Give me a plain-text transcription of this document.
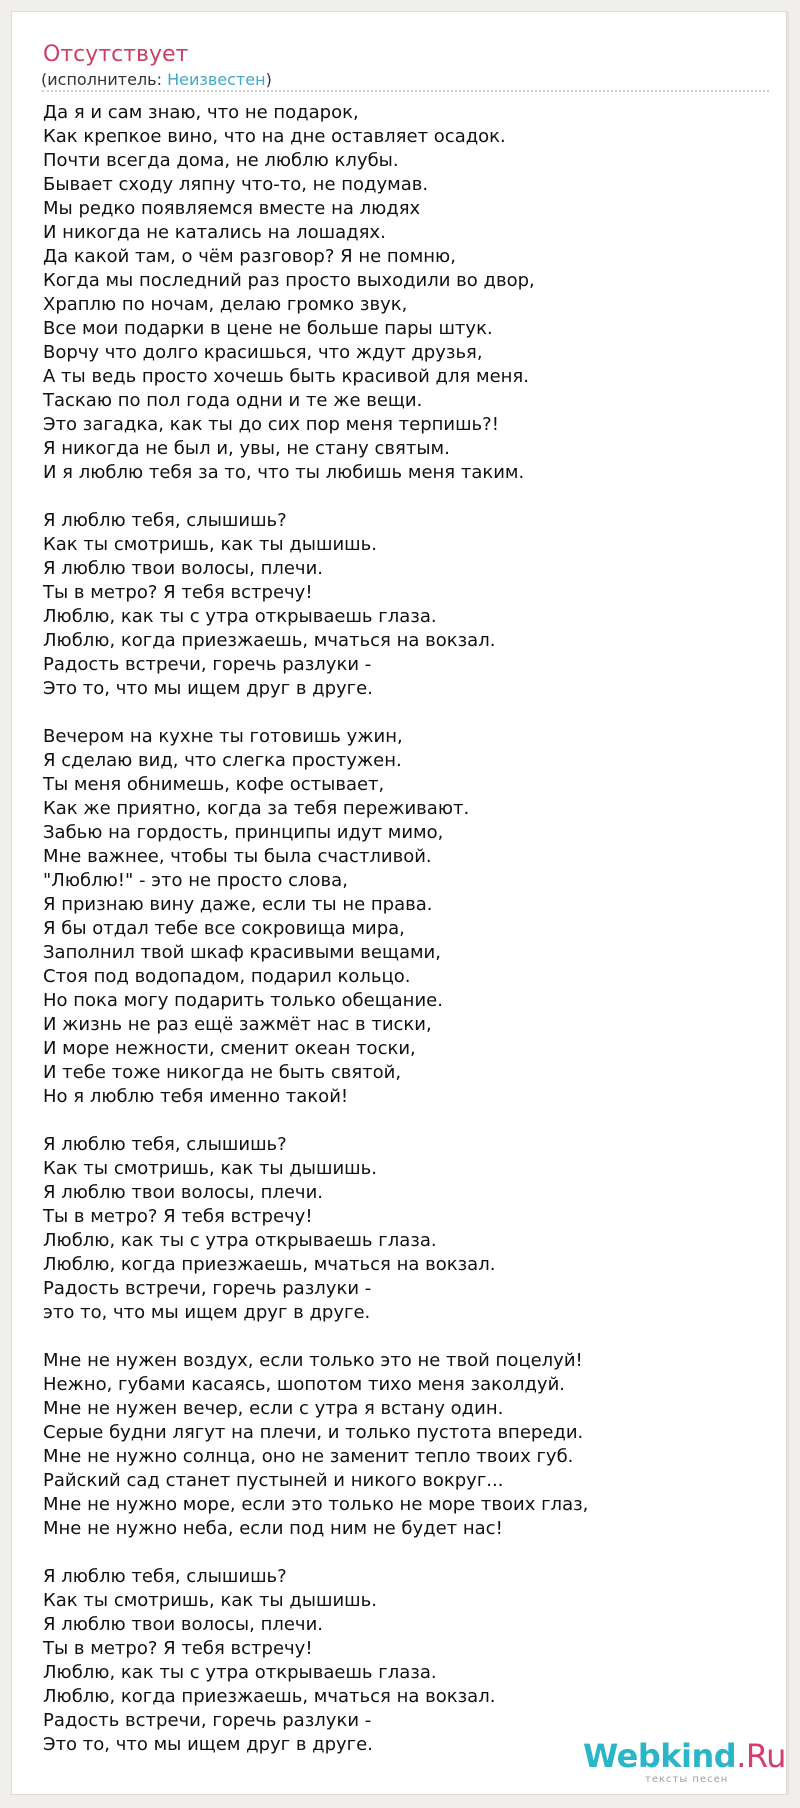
Отсутствует
(исполнитель: Неизвестен)
Да я и сам знаю, что не подарок,
Как крепкое вино, что на дне оставляет осадок.
Почти всегда дома, не люблю клубы.
Бывает сходу ляпну что-то, не подумав.
Мы редко появляемся вместе на людях
И никогда не катались на лошадях.
Да какой там, о чём разговор? Я не помню,
Когда мы последний раз просто выходили во двор,
Храплю по ночам, делаю громко звук,
Все мои подарки в цене не больше пары штук.
Ворчу что долго красишься, что ждут друзья,
А ты ведь просто хочешь быть красивой для меня.
Таскаю по пол года одни и те же вещи.
Это загадка, как ты до сих пор меня терпишь?!
Я никогда не был и, увы, не стану святым.
И я люблю тебя за то, что ты любишь меня таким.
Я люблю тебя, слышишь?
Как ты смотришь, как ты дышишь.
Я люблю твои волосы, плечи.
Ты в метро? Я тебя встречу!
Люблю, как ты с утра открываешь глаза.
Люблю, когда приезжаешь, мчаться на вокзал.
Радость встречи, горечь разлуки -
Это то, что мы ищем друг в друге.
Вечером на кухне ты готовишь ужин,
Я сделаю вид, что слегка простужен.
Ты меня обнимешь, кофе остывает,
Как же приятно, когда за тебя переживают.
Забью на гордость, принципы идут мимо,
Мне важнее, чтобы ты была счастливой.
"Люблю!" - это не просто слова,
Я признаю вину даже, если ты не права.
Я бы отдал тебе все сокровища мира,
Заполнил твой шкаф красивыми вещами,
Стоя под водопадом, подарил кольцо.
Но пока могу подарить только обещание.
И жизнь не раз ещё зажмёт нас в тиски,
И море нежности, сменит океан тоски,
И тебе тоже никогда не быть святой,
Но я люблю тебя именно такой!
Я люблю тебя, слышишь?
Как ты смотришь, как ты дышишь.
Я люблю твои волосы, плечи.
Ты в метро? Я тебя встречу!
Люблю, как ты с утра открываешь глаза.
Люблю, когда приезжаешь, мчаться на вокзал.
Радость встречи, горечь разлуки -
это то, что мы ищем друг в друге.
Мне не нужен воздух, если только это не твой поцелуй!
Нежно, губами касаясь, шопотом тихо меня заколдуй.
Мне не нужен вечер, если с утра я встану один.
Серые будни лягут на плечи, и только пустота впереди.
Мне не нужно солнца, оно не заменит тепло твоих губ.
Райский сад станет пустыней и никого вокруг...
Мне не нужно море, если это только не море твоих глаз,
Мне не нужно неба, если под ним не будет нас!
Я люблю тебя, слышишь?
Как ты смотришь, как ты дышишь.
Я люблю твои волосы, плечи.
Ты в метро? Я тебя встречу!
Люблю, как ты с утра открываешь глаза.
Люблю, когда приезжаешь, мчаться на вокзал.
Радость встречи, горечь разлуки -
Это то, что мы ищем друг в друге.	Webkind.Ru
тексты песен
